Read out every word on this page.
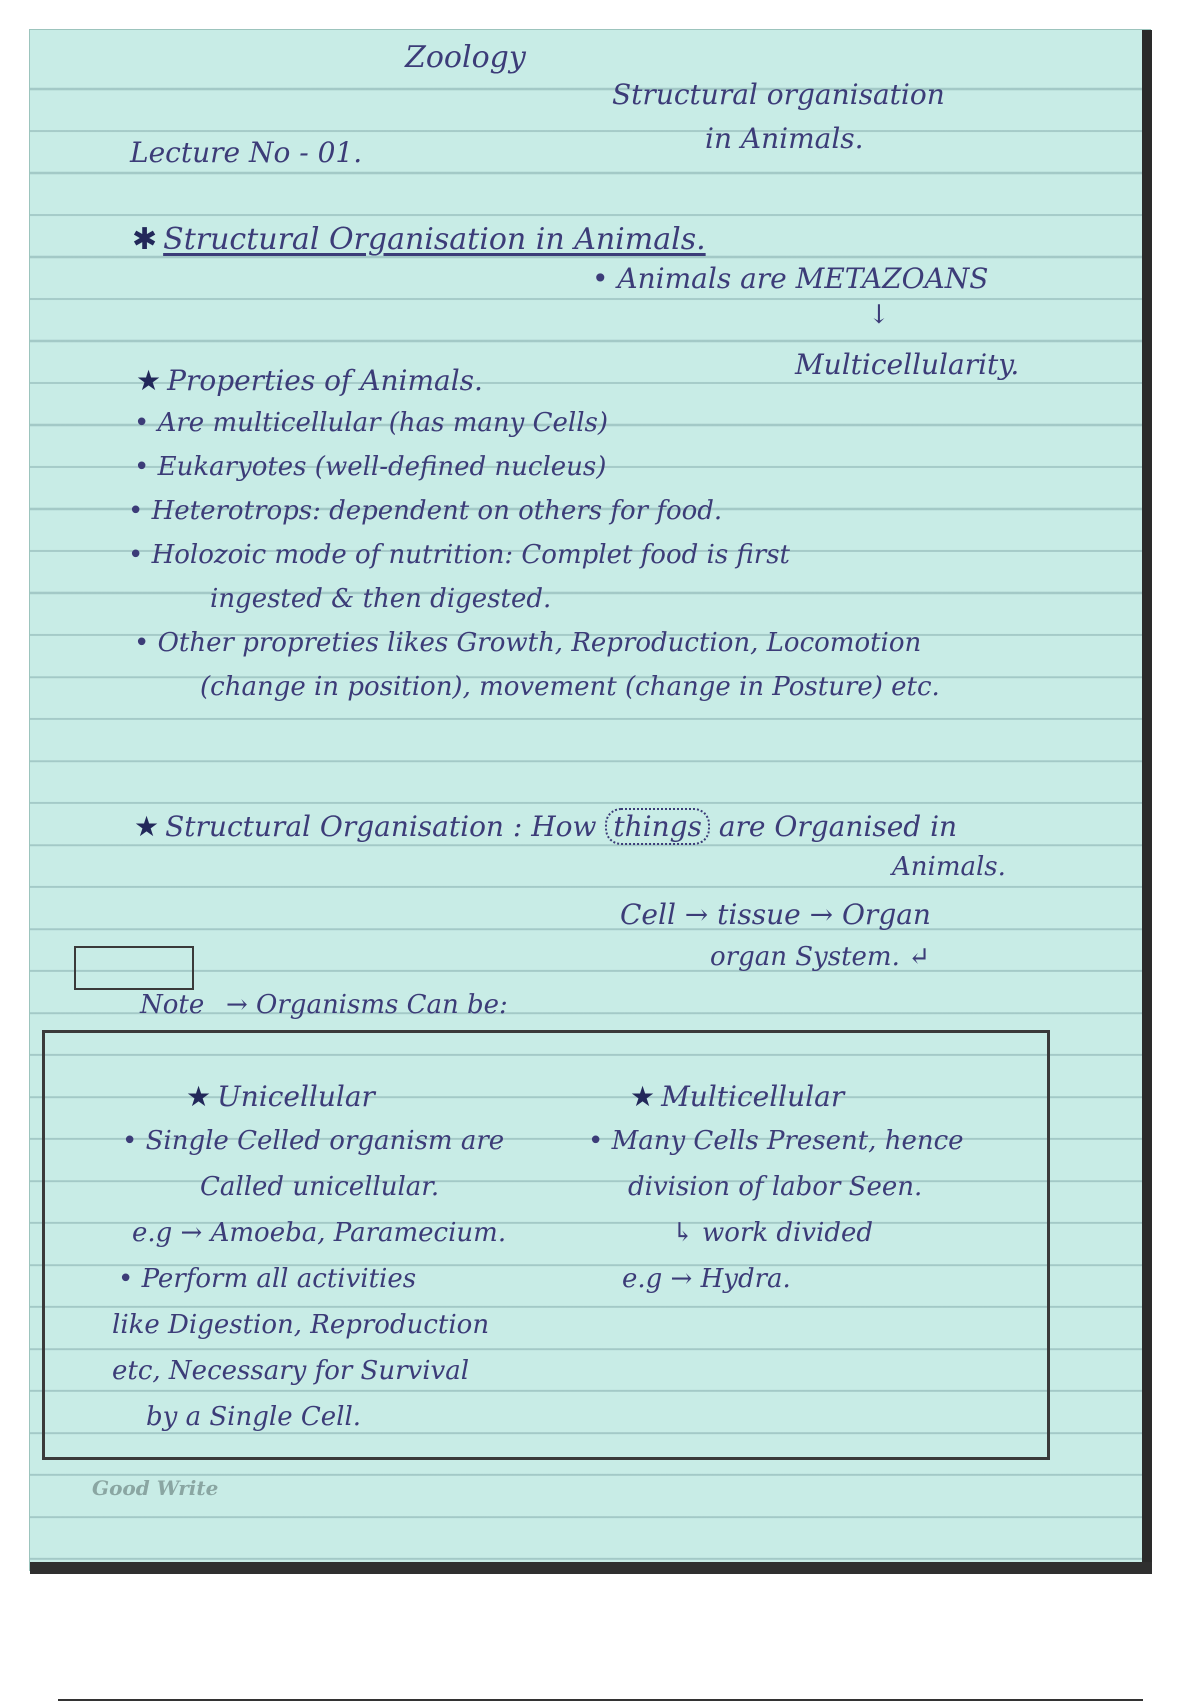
Zoology
Structural organisation
Lecture No - 01.	in Animals.
✱ Structural Organisation in Animals.
• Animals are METAZOANS
↓
Multicellularity.
★ Properties of Animals.
• Are multicellular (has many Cells)
• Eukaryotes (well-defined nucleus)
• Heterotrops: dependent on others for food.
• Holozoic mode of nutrition: Complet food is first
ingested & then digested.
• Other propreties likes Growth, Reproduction, Locomotion
(change in position), movement (change in Posture) etc.
★ Structural Organisation : How things are Organised in
Animals.
Cell → tissue → Organ
organ System. ↵
Note → Organisms Can be:
★ Unicellular
• Single Celled organism are
Called unicellular.
e.g → Amoeba, Paramecium.
• Perform all activities
like Digestion, Reproduction
etc, Necessary for Survival
by a Single Cell.
★ Multicellular
• Many Cells Present, hence
division of labor Seen.
↳ work divided
e.g → Hydra.
Good Write
